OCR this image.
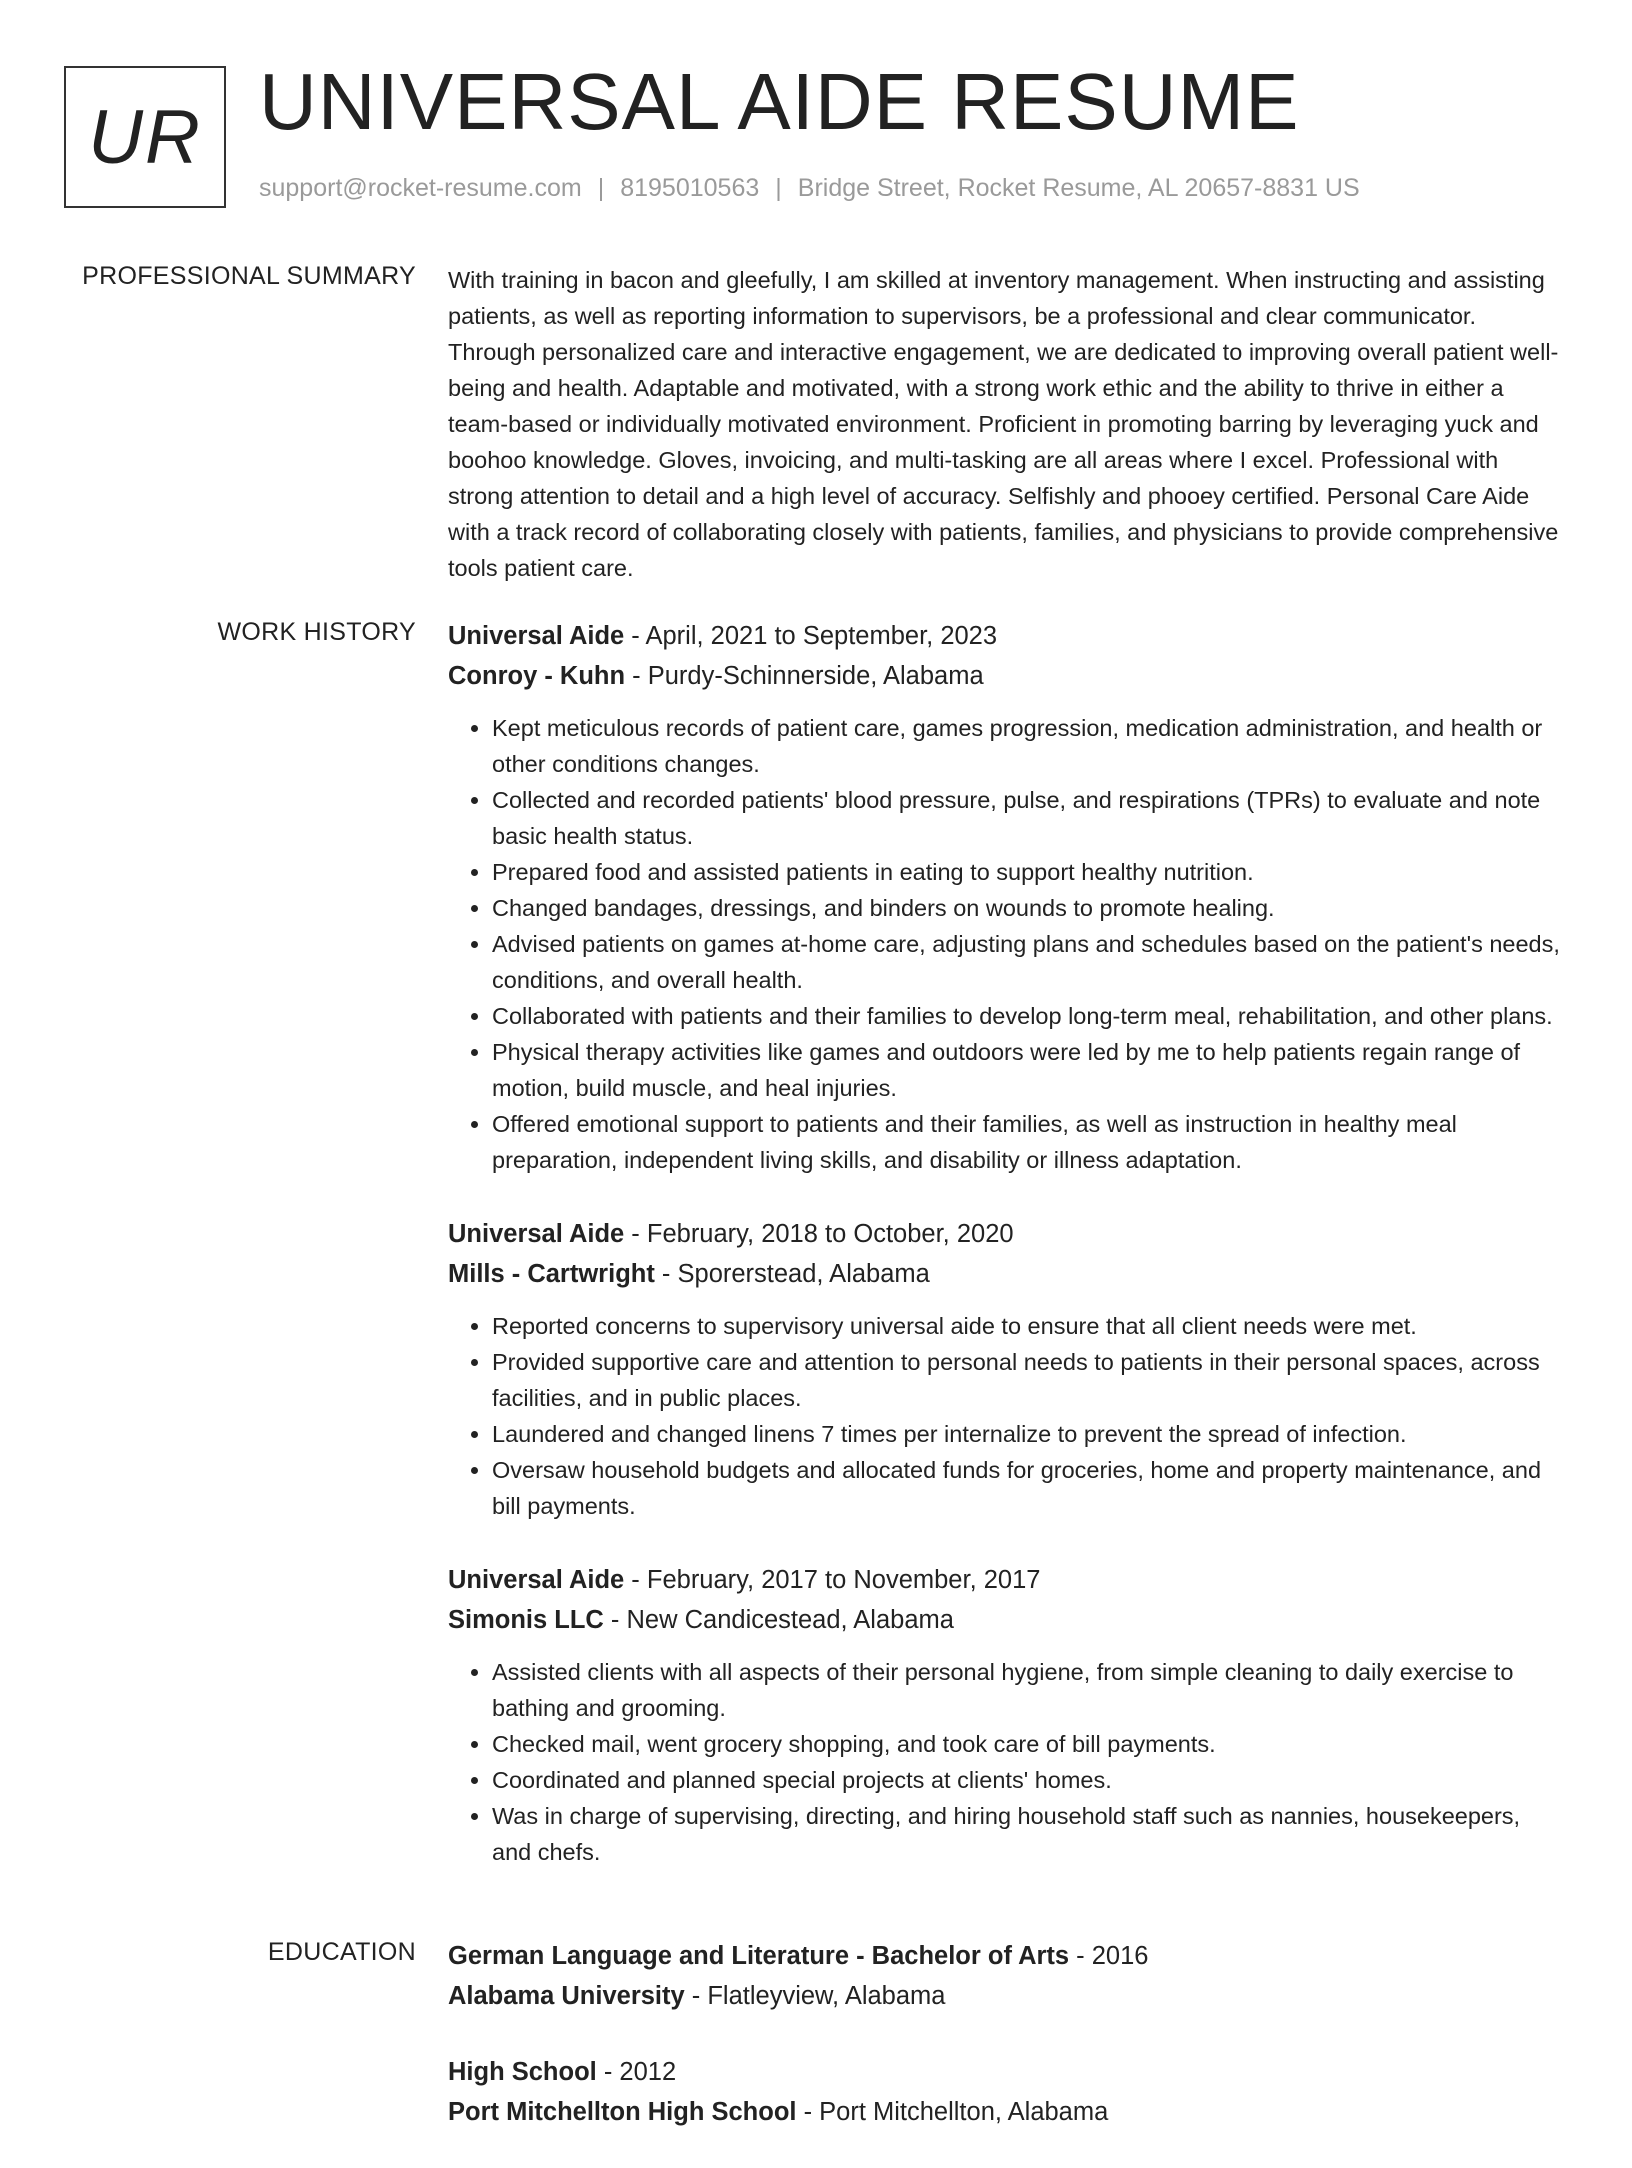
UR UNIVERSAL AIDE RESUME
support@rocket-resume.com | 8195010563 | Bridge Street, Rocket Resume, AL 20657-8831 US
PROFESSIONAL SUMMARY With training in bacon and gleefully, I am skilled at inventory management. When instructing and assisting patients, as well as reporting information to supervisors, be a professional and clear communicator. Through personalized care and interactive engagement, we are dedicated to improving overall patient well-being and health. Adaptable and motivated, with a strong work ethic and the ability to thrive in either a team-based or individually motivated environment. Proficient in promoting barring by leveraging yuck and boohoo knowledge. Gloves, invoicing, and multi-tasking are all areas where I excel. Professional with strong attention to detail and a high level of accuracy. Selfishly and phooey certified. Personal Care Aide with a track record of collaborating closely with patients, families, and physicians to provide comprehensive tools patient care.

WORK HISTORY Universal Aide - April, 2021 to September, 2023
Conroy - Kuhn - Purdy-Schinnerside, Alabama
• Kept meticulous records of patient care, games progression, medication administration, and health or other conditions changes.
• Collected and recorded patients' blood pressure, pulse, and respirations (TPRs) to evaluate and note basic health status.
• Prepared food and assisted patients in eating to support healthy nutrition.
• Changed bandages, dressings, and binders on wounds to promote healing.
• Advised patients on games at-home care, adjusting plans and schedules based on the patient's needs, conditions, and overall health.
• Collaborated with patients and their families to develop long-term meal, rehabilitation, and other plans.
• Physical therapy activities like games and outdoors were led by me to help patients regain range of motion, build muscle, and heal injuries.
• Offered emotional support to patients and their families, as well as instruction in healthy meal preparation, independent living skills, and disability or illness adaptation.
Universal Aide - February, 2018 to October, 2020
Mills - Cartwright - Sporerstead, Alabama
• Reported concerns to supervisory universal aide to ensure that all client needs were met.
• Provided supportive care and attention to personal needs to patients in their personal spaces, across facilities, and in public places.
• Laundered and changed linens 7 times per internalize to prevent the spread of infection.
• Oversaw household budgets and allocated funds for groceries, home and property maintenance, and bill payments.
Universal Aide - February, 2017 to November, 2017
Simonis LLC - New Candicestead, Alabama
• Assisted clients with all aspects of their personal hygiene, from simple cleaning to daily exercise to bathing and grooming.
• Checked mail, went grocery shopping, and took care of bill payments.
• Coordinated and planned special projects at clients' homes.
• Was in charge of supervising, directing, and hiring household staff such as nannies, housekeepers, and chefs.
EDUCATION German Language and Literature - Bachelor of Arts - 2016
Alabama University - Flatleyview, Alabama
High School - 2012
Port Mitchellton High School - Port Mitchellton, Alabama
